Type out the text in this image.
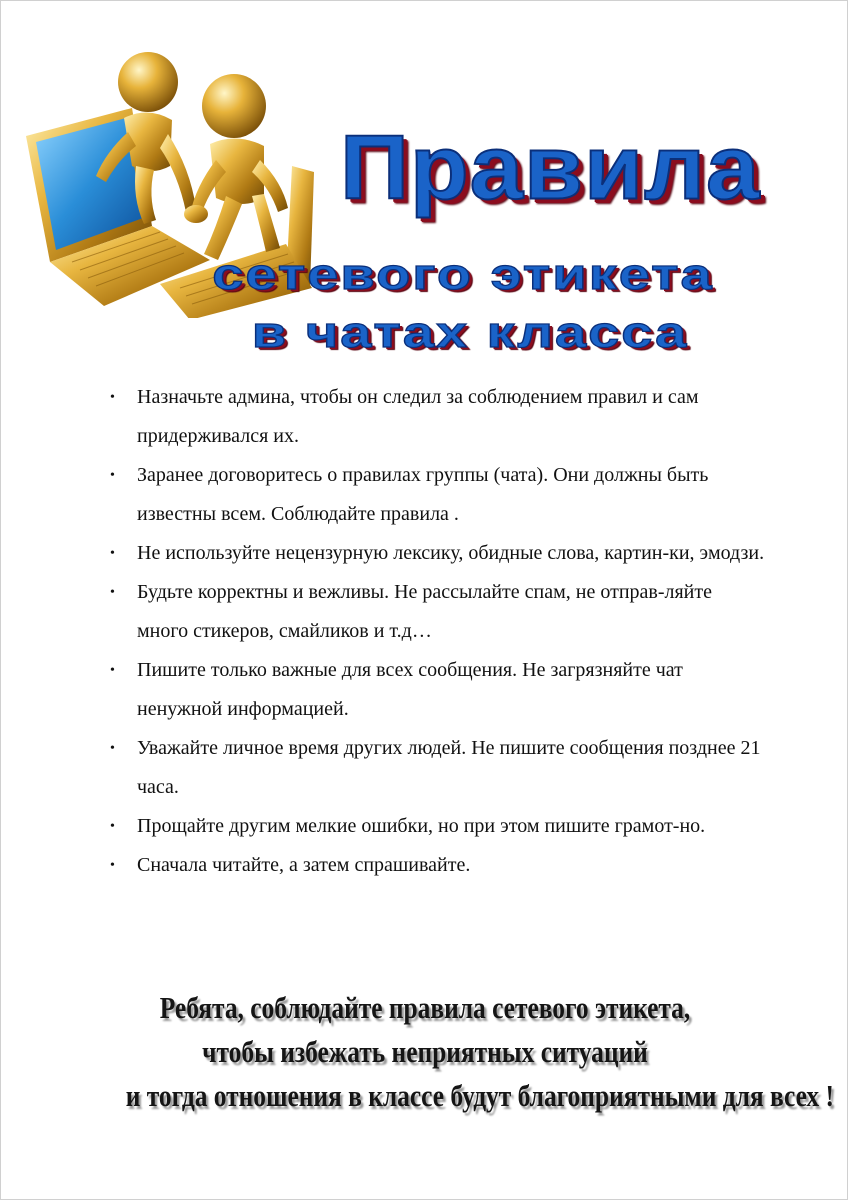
Правила
сетевого этикета
в чатах класса
• Назначьте админа, чтобы он следил за соблюдением правил и сам придерживался их.
• Заранее договоритесь о правилах группы (чата). Они должны быть известны всем. Соблюдайте правила .
• Не используйте нецензурную лексику, обидные слова, картин-ки, эмодзи.
• Будьте корректны и вежливы. Не рассылайте спам, не отправ-ляйте много стикеров, смайликов и т.д…
• Пишите только важные для всех сообщения. Не загрязняйте чат ненужной информацией.
• Уважайте личное время других людей. Не пишите сообщения позднее 21 часа.
• Прощайте другим мелкие ошибки, но при этом пишите грамот-но.
• Сначала читайте, а затем спрашивайте.
Ребята, соблюдайте правила сетевого этикета,
чтобы избежать неприятных ситуаций
и тогда отношения в классе будут благоприятными для всех !
